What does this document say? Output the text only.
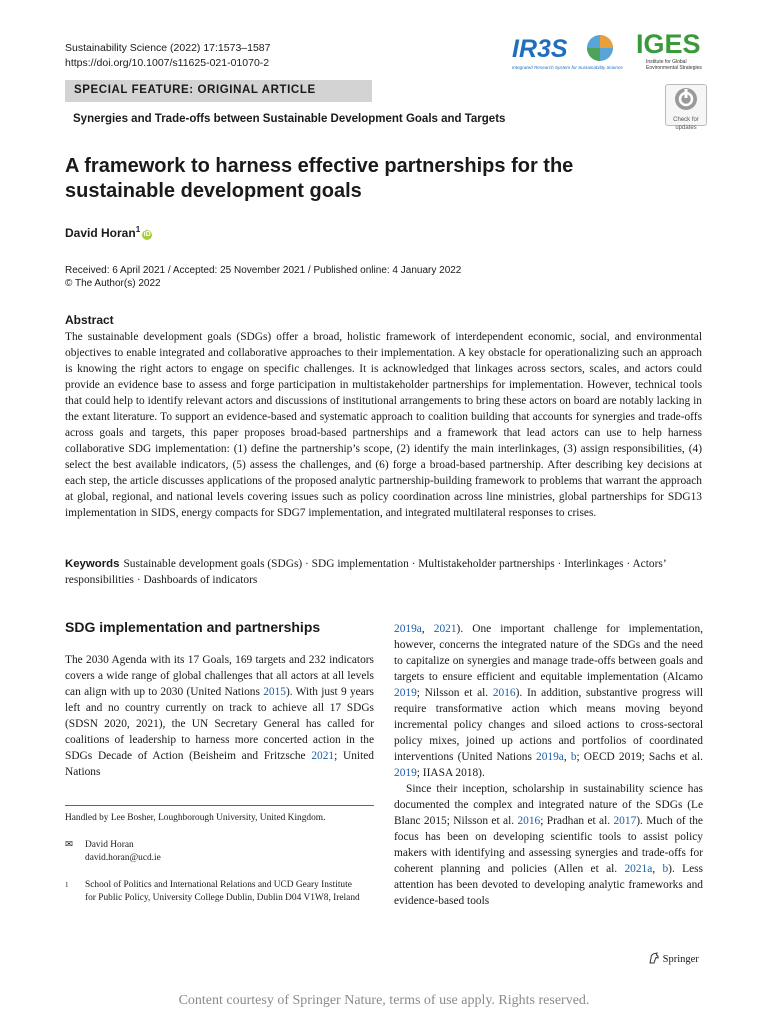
Sustainability Science (2022) 17:1573–1587
https://doi.org/10.1007/s11625-021-01070-2	IR3S
Integrated Research System for Sustainability Science
IGES
Institute for Global
Environmental Strategies
SPECIAL FEATURE: ORIGINAL ARTICLE
Check for
updates
Synergies and Trade-offs between Sustainable Development Goals and Targets
A framework to harness effective partnerships for the sustainable development goals
David Horan$^1$iD
Received: 6 April 2021 / Accepted: 25 November 2021 / Published online: 4 January 2022
© The Author(s) 2022
Abstract
The sustainable development goals (SDGs) offer a broad, holistic framework of interdependent economic, social, and environmental objectives to enable integrated and collaborative approaches to their implementation. A key obstacle for operationalizing such an approach is knowing the right actors to engage on specific challenges. It is acknowledged that linkages across sectors, scales, and actors could provide an evidence base to assess and forge participation in multistakeholder partnerships for implementation. However, technical tools that could help to identify relevant actors and discussions of institutional arrangements to bring these actors on board are notably lacking in the extant literature. To support an evidence-based and systematic approach to coalition building that accounts for synergies and trade-offs across goals and targets, this paper proposes broad-based partnerships and a framework that lead actors can use to help harness collaborative SDG implementation: (1) define the partnership’s scope, (2) identify the main interlinkages, (3) assign responsibilities, (4) select the best available indicators, (5) assess the challenges, and (6) forge a broad-based partnership. After describing key decisions at each step, the article discusses applications of the proposed analytic partnership-building framework to problems that warrant the approach at global, regional, and national levels covering issues such as policy coordination across line ministries, global partnerships for SDG13 implementation in SIDS, energy compacts for SDG7 implementation, and integrated multilateral responses to crises.
Keywords Sustainable development goals (SDGs) · SDG implementation · Multistakeholder partnerships · Interlinkages · Actors’ responsibilities · Dashboards of indicators
SDG implementation and partnerships
The 2030 Agenda with its 17 Goals, 169 targets and 232 indicators covers a wide range of global challenges that all actors at all levels can align with up to 2030 (United Nations 2015). With just 9 years left and no country currently on track to achieve all 17 SDGs (SDSN 2020, 2021), the UN Secretary General has called for coalitions of leadership to harness more concerted action in the SDGs Decade of Action (Beisheim and Fritzsche 2021; United Nations

2019a, 2021). One important challenge for implementation, however, concerns the integrated nature of the SDGs and the need to capitalize on synergies and manage trade-offs between goals and targets to ensure efficient and equitable implementation (Alcamo 2019; Nilsson et al. 2016). In addition, substantive progress will require transformative action which means moving beyond incremental policy changes and siloed actions to cross-sectoral policy mixes, joined up actions and portfolios of coordinated interventions (United Nations 2019a, b; OECD 2019; Sachs et al. 2019; IIASA 2018).

Since their inception, scholarship in sustainability science has documented the complex and integrated nature of the SDGs (Le Blanc 2015; Nilsson et al. 2016; Pradhan et al. 2017). Much of the focus has been on developing scientific tools to assist policy makers with identifying and assessing synergies and trade-offs for coherent planning and policies (Allen et al. 2021a, b). Less attention has been devoted to developing analytic frameworks and evidence-based tools

Handled by Lee Bosher, Loughborough University, United Kingdom.
✉	David Horan
david.horan@ucd.ie
1	School of Politics and International Relations and UCD Geary Institute for Public Policy, University College Dublin, Dublin D04 V1W8, Ireland
Springer
Content courtesy of Springer Nature, terms of use apply. Rights reserved.
